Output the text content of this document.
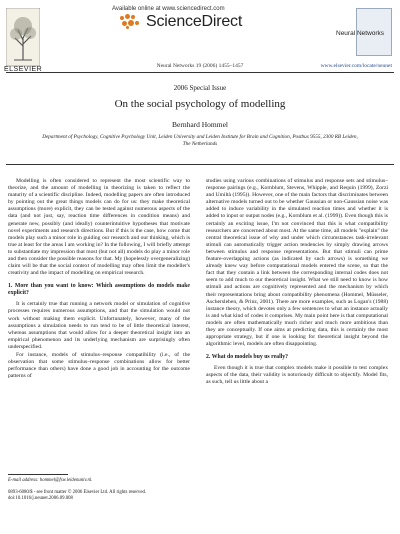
ELSEVIER
Available online at www.sciencedirect.com
ScienceDirect
Neural Networks
Neural Networks 19 (2006) 1455–1457	www.elsevier.com/locate/neunet
2006 Special Issue
On the social psychology of modelling
Bernhard Hommel
Department of Psychology, Cognitive Psychology Unit, Leiden University and Leiden Institute for Brain and Cognition, Postbus 9555, 2300 RB Leiden, The Netherlands

Modelling is often considered to represent the most scientific way to theorize, and the amount of modelling in theorizing is taken to reflect the maturity of a scientific discipline. Indeed, modelling papers are often introduced by pointing out the great things models can do for us: they make theoretical assumptions (more) explicit, they can be tested against numerous aspects of the data (and not just, say, reaction time differences in condition means) and generate new, possibly (and ideally) counterintuitive hypotheses that motivate novel experiments and research directions. But if this is the case, how come that models play such a minor role in guiding our research and our thinking, which is true at least for the areas I am working in? In the following, I will briefly attempt to substantiate my impression that most (but not all) models do play a minor role and then consider the possible reasons for that. My (hopelessly overgeneralizing) claim will be that the social context of modelling may often limit the modeller's creativity and the impact of modelling on empirical research.

1. More than you want to know: Which assumptions do models make explicit?

It is certainly true that running a network model or simulation of cognitive processes requires numerous assumptions, and that the simulation would not work without making them explicit. Unfortunately, however, many of the assumptions a simulation needs to run tend to be of little theoretical interest, whereas assumptions that would allow for a deeper theoretical insight into an empirical phenomenon and its underlying mechanism are surprisingly often underspecified.

For instance, models of stimulus–response compatibility (i.e., of the observation that some stimulus–response combinations allow for better performance than others) have done a good job in accounting for the outcome patterns of

studies using various combinations of stimulus and response sets and stimulus–response pairings (e.g., Kornblum, Stevens, Whipple, and Requin (1999), Zorzi and Umiltà (1995)). However, one of the main factors that discriminates between alternative models turned out to be whether Gaussian or non-Gaussian noise was added to induce variability in the simulated reaction times and whether it is added to input or output nodes (e.g., Kornblum et al. (1999)). Even though this is certainly an exciting issue, I'm not convinced that this is what compatibility researchers are concerned about most. At the same time, all models "explain" the central theoretical issue of why and under which circumstances task-irrelevant stimuli can automatically trigger action tendencies by simply drawing arrows between stimulus and response representations. But that stimuli can prime feature-overlapping actions (as indicated by such arrows) is something we already knew way before computational models entered the scene, so that the fact that they contain a link between the corresponding internal codes does not seem to add much to our theoretical insight. What we still need to know is how stimuli and actions are cognitively represented and the mechanism by which their representations bring about compatibility phenomena (Hommel, Müsseler, Aschersleben, & Prinz, 2001). There are more examples, such as Logan's (1988) instance theory, which devotes only a few sentences to what an instance actually is and what kind of codes it comprises. My main point here is that computational models are often mathematically much richer and much more ambitious than they are conceptually. If one aims at predicting data, this is certainly the most appropriate strategy, but if one is looking for theoretical insight beyond the algorithmic level, models are often disappointing.

2. What do models buy us really?

Even though it is true that complex models make it possible to test complex aspects of the data, their validity is notoriously difficult to objectify. Model fits, as such, tell us little about a

E-mail address: hommel@fsw.leidenuniv.nl.
0893-6080/$ - see front matter © 2006 Elsevier Ltd. All rights reserved.
doi:10.1016/j.neunet.2006.09.008
